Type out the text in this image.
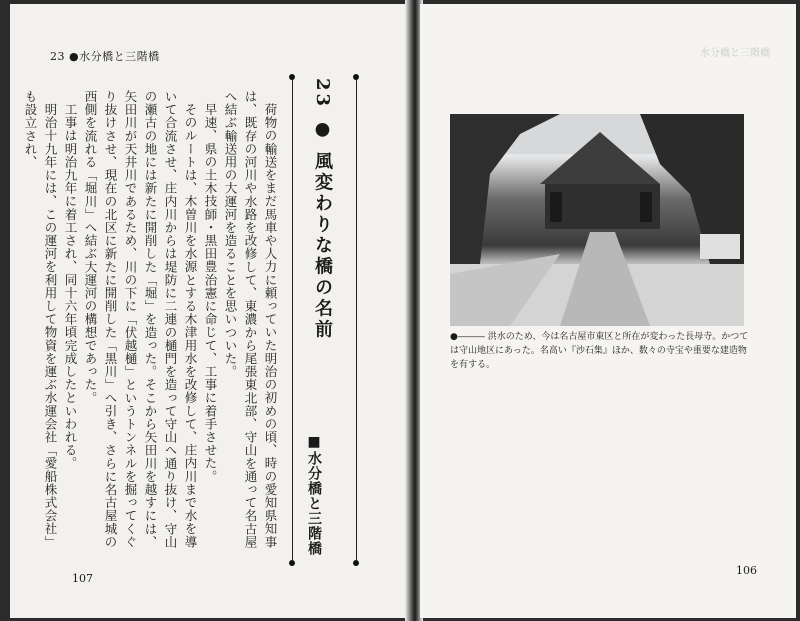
23 ●水分橋と三階橋

荷物の輸送をまだ馬車や人力に頼っていた明治の初めの頃、時の愛知県知事は、既存の河川や水路を改修して、東濃から尾張東北部、守山を通って名古屋へ結ぶ輸送用の大運河を造ることを思いついた。

早速、県の土木技師・黒田豊治憲に命じて、工事に着手させた。

そのルートは、木曽川を水源とする木津用水を改修して、庄内川まで水を導いて合流させ、庄内川からは堤防に二連の樋門を造って守山へ通り抜け、守山の瀬古の地には新たに開削した「堀」を造った。そこから矢田川を越すには、矢田川が天井川であるため、川の下に「伏越樋」というトンネルを掘ってくぐり抜けさせ、現在の北区に新たに開削した「黒川」へ引き、さらに名古屋城の西側を流れる「堀川」へ結ぶ大運河の構想であった。

工事は明治九年に着工され、同十六年頃完成したといわれる。

明治十九年には、この運河を利用して物資を運ぶ水運会社「愛船株式会社」も設立され、	23 ● 風変わりな橋の名前
■水分橋と三階橋
107
水分橋と三階橋
●――― 洪水のため、今は名古屋市東区と所在が変わった長母寺。かつては守山地区にあった。名高い『沙石集』ほか、数々の寺宝や重要な建造物を有する。
106
